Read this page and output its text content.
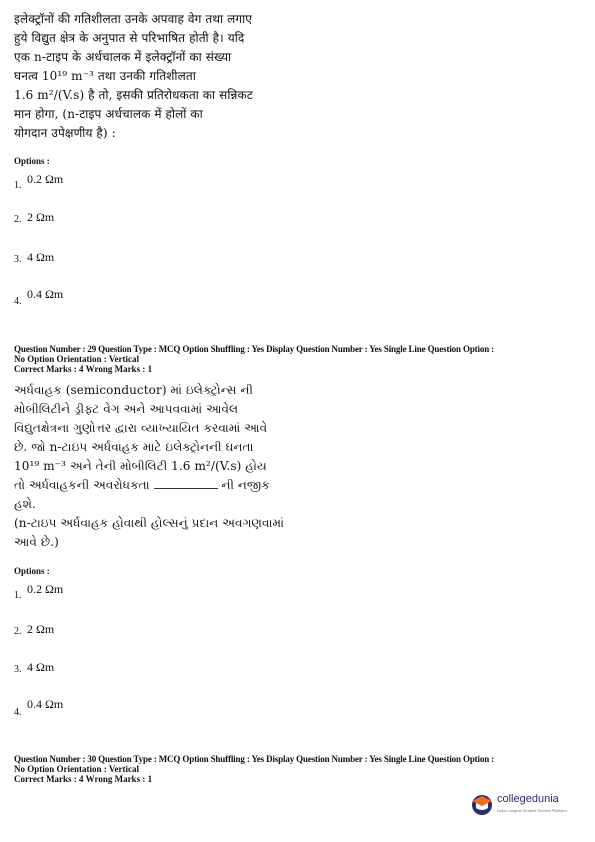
इलेक्ट्रॉनों की गतिशीलता उनके अपवाह वेग तथा लगाए
हुये विद्युत क्षेत्र के अनुपात से परिभाषित होती है। यदि
एक n-टाइप के अर्धचालक में इलेक्ट्रॉनों का संख्या
घनत्व 10¹⁹ m⁻³ तथा उनकी गतिशीलता
1.6 m²/(V.s) है तो, इसकी प्रतिरोधकता का सन्निकट
मान होगा, (n-टाइप अर्धचालक में होलों का
योगदान उपेक्षणीय है) :
Options :
1. 0.2 Ωm
2. 2 Ωm
3. 4 Ωm
4.
0.4 Ωm
Question Number : 29 Question Type : MCQ Option Shuffling : Yes Display Question Number : Yes Single Line Question Option :
No Option Orientation : Vertical
Correct Marks : 4 Wrong Marks : 1
અર્ધવાહક (semiconductor) માં ઇલેક્ટ્રોન્સ ની
મોબીલિટીને ડ્રીફ્ટ વેગ અને આપવવામાં આવેલ
વિદ્યુતક્ષેત્રના ગુણોત્તર દ્વારા વ્યાખ્યાયિત કરવામાં આવે
છે. જો n-ટાઇપ અર્ધવાહક માટે ઇલેક્ટ્રોનની ઘનતા
10¹⁹ m⁻³ અને તેની મોબીલિટી 1.6 m²/(V.s) હોય
તો અર્ધવાહકની અવરોધકતા	ની નજીક
હશે.
(n-ટાઇપ અર્ધવાહક હોવાથી હોલ્સનું પ્રદાન અવગણવામાં
આવે છે.)
Options :
1. 0.2 Ωm
2. 2 Ωm
3. 4 Ωm
4.
0.4 Ωm
Question Number : 30 Question Type : MCQ Option Shuffling : Yes Display Question Number : Yes Single Line Question Option :
No Option Orientation : Vertical
Correct Marks : 4 Wrong Marks : 1
collegedunia
India's largest Student Review Platform
